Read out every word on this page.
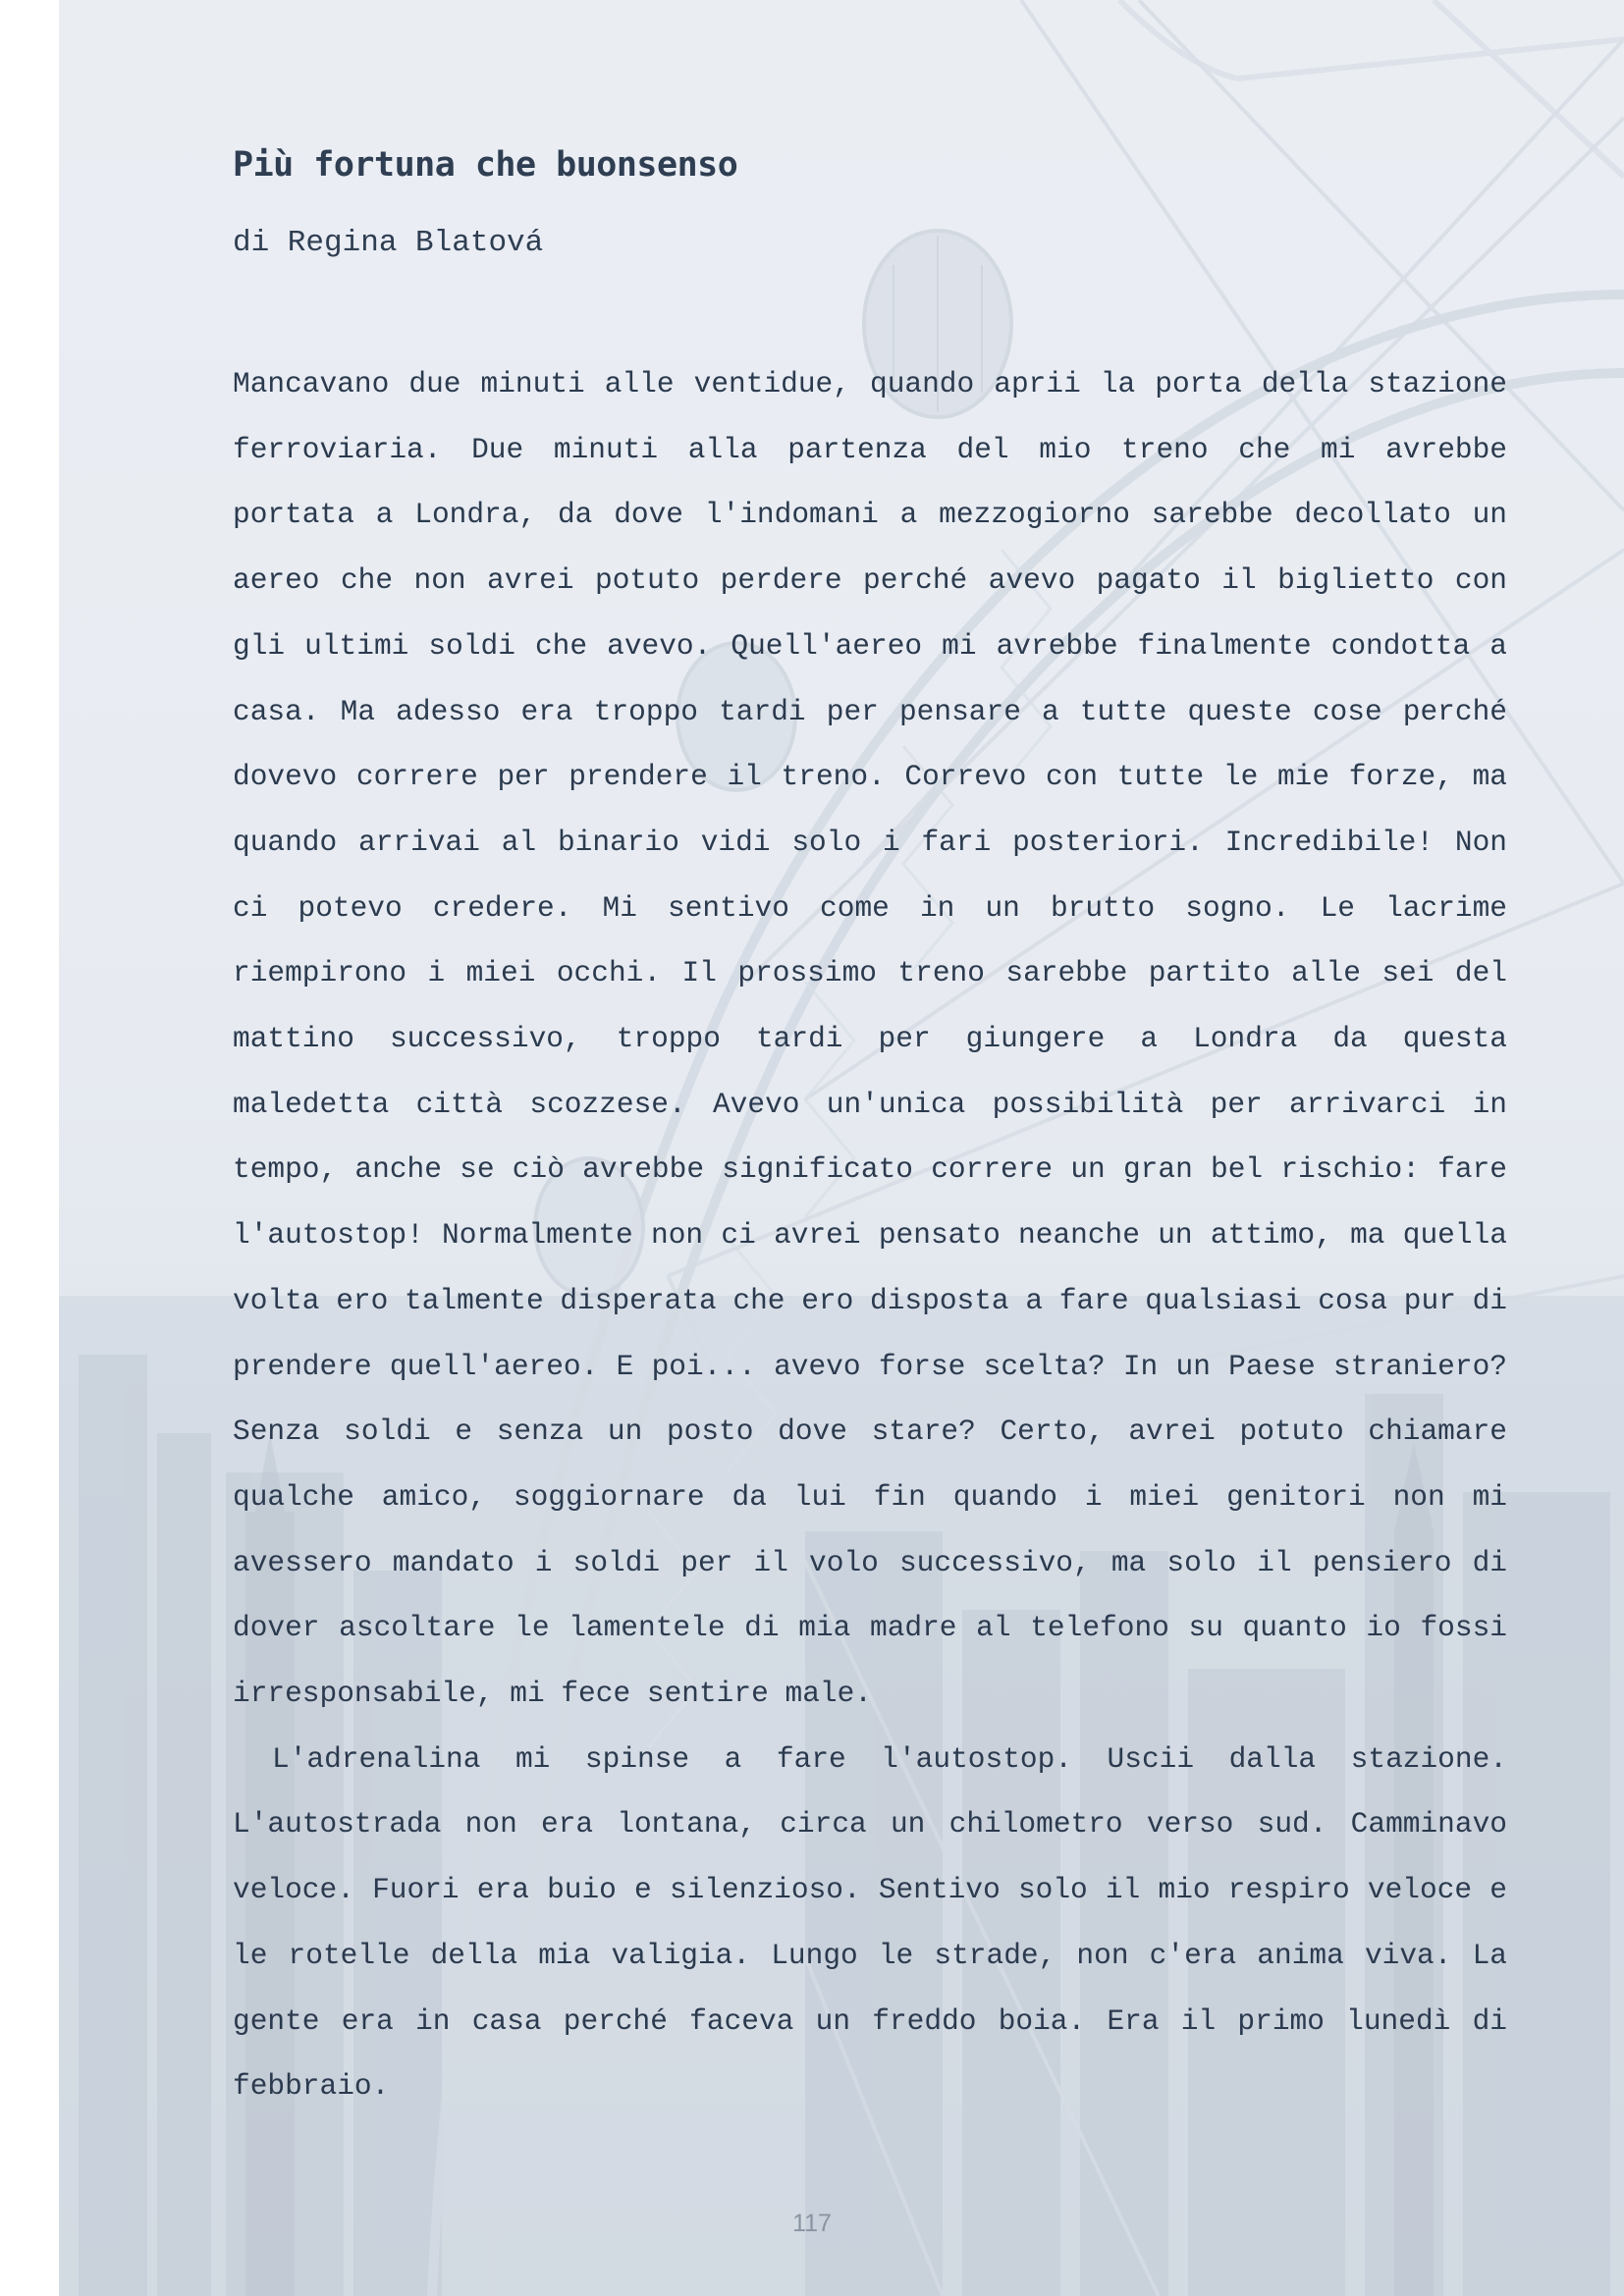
Più fortuna che buonsenso
di Regina Blatová

Mancavano due minuti alle ventidue, quando aprii la porta della stazione ferroviaria. Due minuti alla partenza del mio treno che mi avrebbe portata a Londra, da dove l'indomani a mezzogiorno sarebbe decollato un aereo che non avrei potuto perdere perché avevo pagato il biglietto con gli ultimi soldi che avevo. Quell'aereo mi avrebbe finalmente condotta a casa. Ma adesso era troppo tardi per pensare a tutte queste cose perché dovevo correre per prendere il treno. Correvo con tutte le mie forze, ma quando arrivai al binario vidi solo i fari posteriori. Incredibile! Non ci potevo credere. Mi sentivo come in un brutto sogno. Le lacrime riempirono i miei occhi. Il prossimo treno sarebbe partito alle sei del mattino successivo, troppo tardi per giungere a Londra da questa maledetta città scozzese. Avevo un'unica possibilità per arrivarci in tempo, anche se ciò avrebbe significato correre un gran bel rischio: fare l'autostop! Normalmente non ci avrei pensato neanche un attimo, ma quella volta ero talmente disperata che ero disposta a fare qualsiasi cosa pur di prendere quell'aereo. E poi... avevo forse scelta? In un Paese straniero? Senza soldi e senza un posto dove stare? Certo, avrei potuto chiamare qualche amico, soggiornare da lui fin quando i miei genitori non mi avessero mandato i soldi per il volo successivo, ma solo il pensiero di dover ascoltare le lamentele di mia madre al telefono su quanto io fossi irresponsabile, mi fece sentire male.

L'adrenalina mi spinse a fare l'autostop. Uscii dalla stazione. L'autostrada non era lontana, circa un chilometro verso sud. Camminavo veloce. Fuori era buio e silenzioso. Sentivo solo il mio respiro veloce e le rotelle della mia valigia. Lungo le strade, non c'era anima viva. La gente era in casa perché faceva un freddo boia. Era il primo lunedì di febbraio.

117
